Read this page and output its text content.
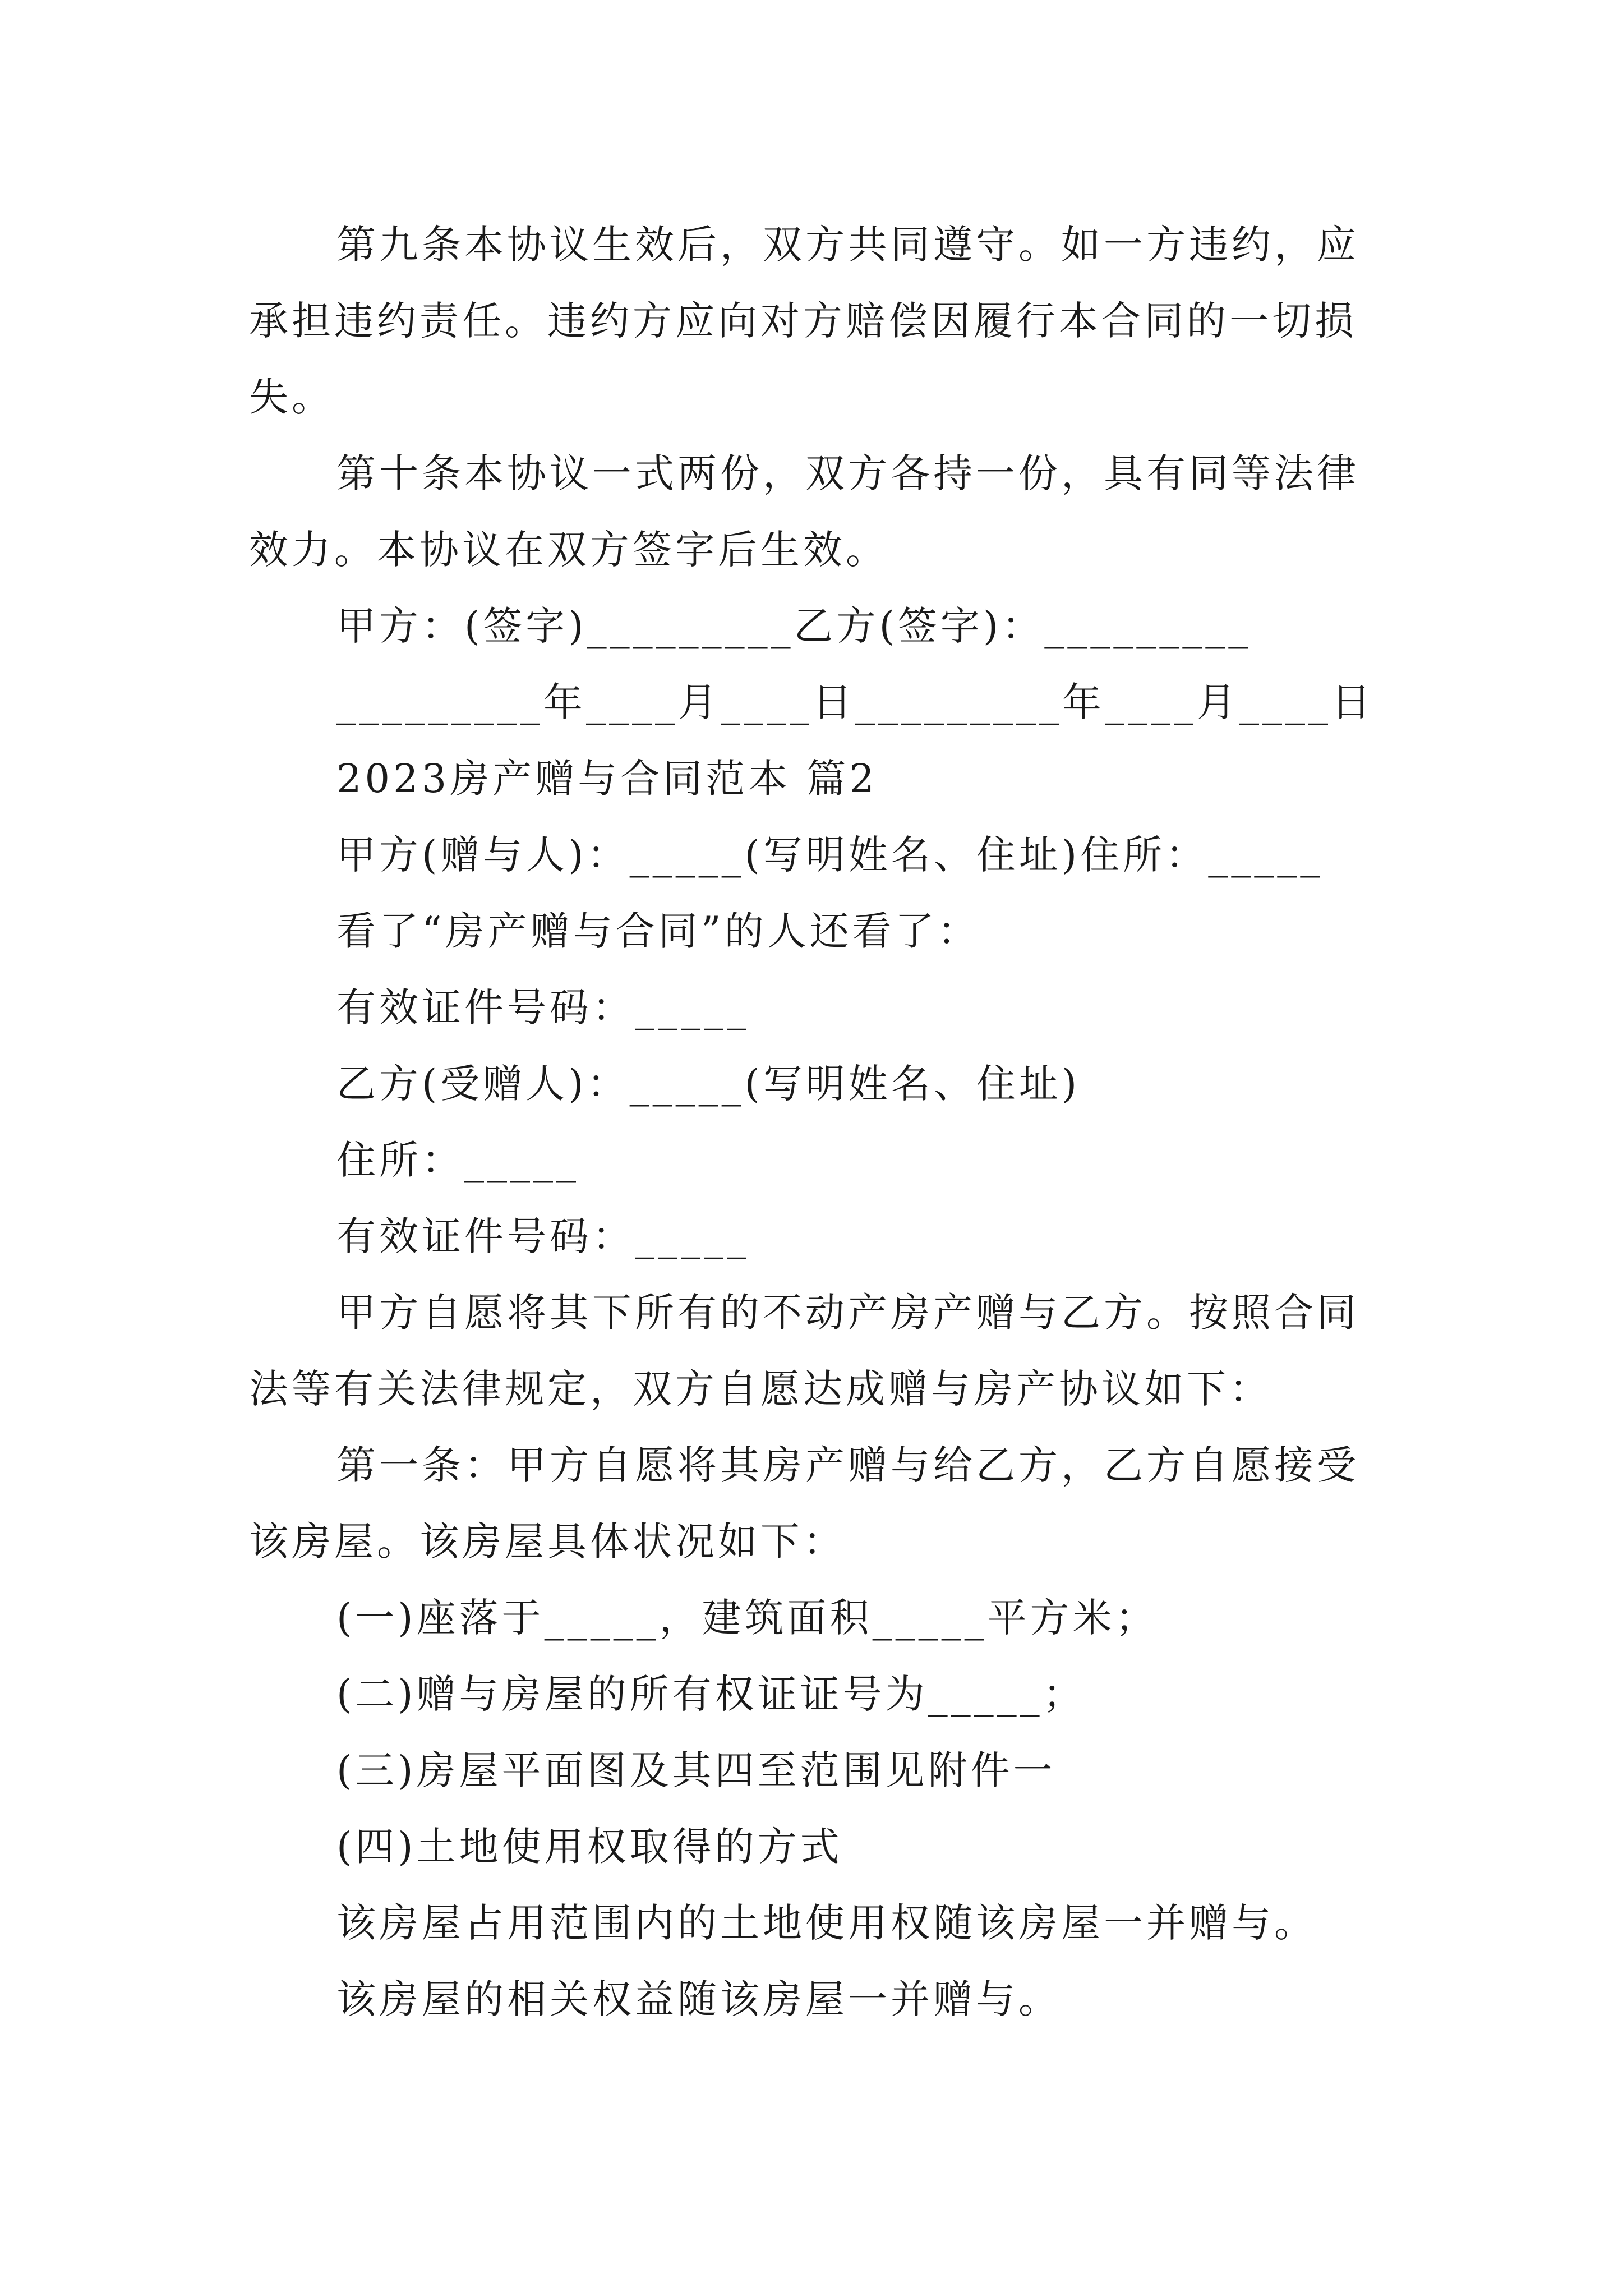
第九条本协议生效后，双方共同遵守。如一方违约，应
承担违约责任。违约方应向对方赔偿因履行本合同的一切损
失。
第十条本协议一式两份，双方各持一份，具有同等法律
效力。本协议在双方签字后生效。
甲方：(签字)_________乙方(签字)：_________
_________年____月____日_________年____月____日
2023房产赠与合同范本 篇2
甲方(赠与人)：_____(写明姓名、住址)住所：_____
看了“房产赠与合同”的人还看了：
有效证件号码：_____
乙方(受赠人)：_____(写明姓名、住址)
住所：_____
有效证件号码：_____
甲方自愿将其下所有的不动产房产赠与乙方。按照合同
法等有关法律规定，双方自愿达成赠与房产协议如下：
第一条：甲方自愿将其房产赠与给乙方，乙方自愿接受
该房屋。该房屋具体状况如下：
(一)座落于_____，建筑面积_____平方米；
(二)赠与房屋的所有权证证号为_____；
(三)房屋平面图及其四至范围见附件一
(四)土地使用权取得的方式
该房屋占用范围内的土地使用权随该房屋一并赠与。
该房屋的相关权益随该房屋一并赠与。
